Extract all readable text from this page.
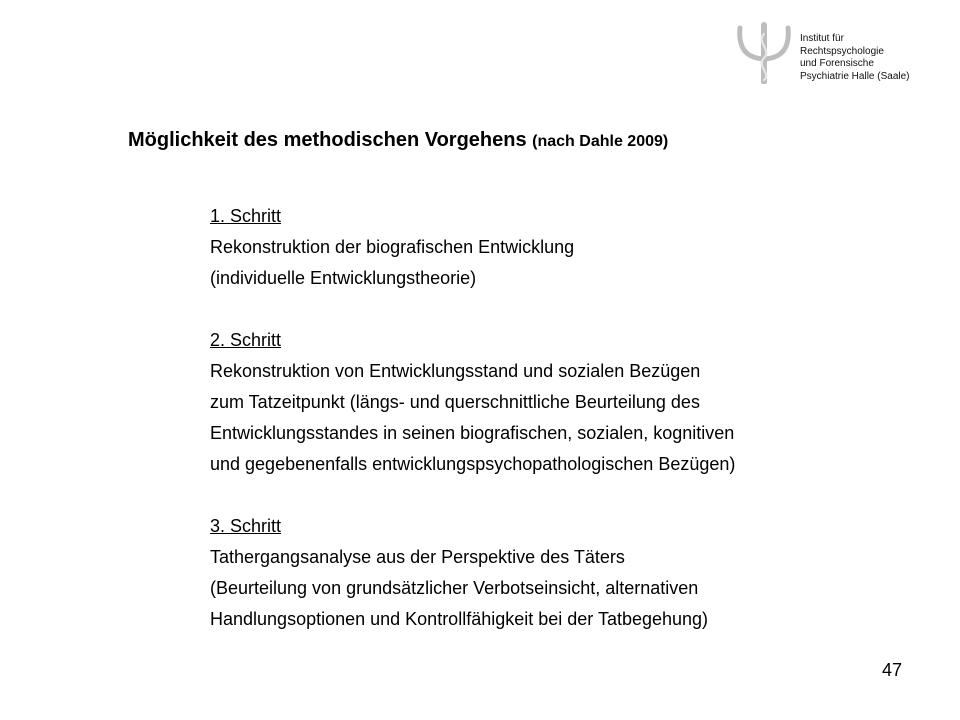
Institut für
Rechtspsychologie
und Forensische
Psychiatrie Halle (Saale)
Möglichkeit des methodischen Vorgehens (nach Dahle 2009)
1. Schritt
Rekonstruktion der biografischen Entwicklung
(individuelle Entwicklungstheorie)
2. Schritt
Rekonstruktion von Entwicklungsstand und sozialen Bezügen
zum Tatzeitpunkt (längs- und querschnittliche Beurteilung des
Entwicklungsstandes in seinen biografischen, sozialen, kognitiven
und gegebenenfalls entwicklungspsychopathologischen Bezügen)
3. Schritt
Tathergangsanalyse aus der Perspektive des Täters
(Beurteilung von grundsätzlicher Verbotseinsicht, alternativen
Handlungsoptionen und Kontrollfähigkeit bei der Tatbegehung)
47
